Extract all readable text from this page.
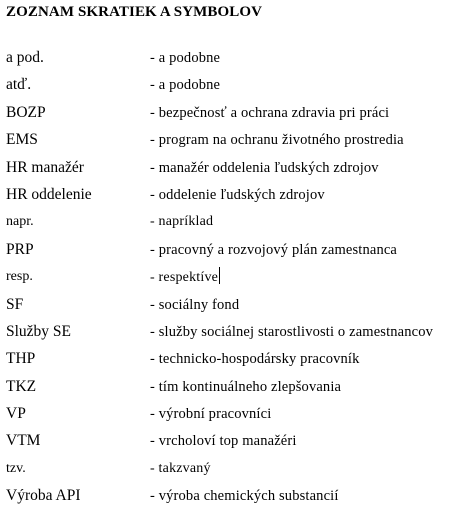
ZOZNAM SKRATIEK A SYMBOLOV
a pod.	- a podobne
atď.	- a podobne
BOZP	- bezpečnosť a ochrana zdravia pri práci
EMS	- program na ochranu životného prostredia
HR manažér	- manažér oddelenia ľudských zdrojov
HR oddelenie	- oddelenie ľudských zdrojov
napr.	- napríklad
PRP	- pracovný a rozvojový plán zamestnanca
resp.	- respektíve
SF	- sociálny fond
Služby SE	- služby sociálnej starostlivosti o zamestnancov
THP	- technicko-hospodársky pracovník
TKZ	- tím kontinuálneho zlepšovania
VP	- výrobní pracovníci
VTM	- vrcholoví top manažéri
tzv.	- takzvaný
Výroba API	- výroba chemických substancií
